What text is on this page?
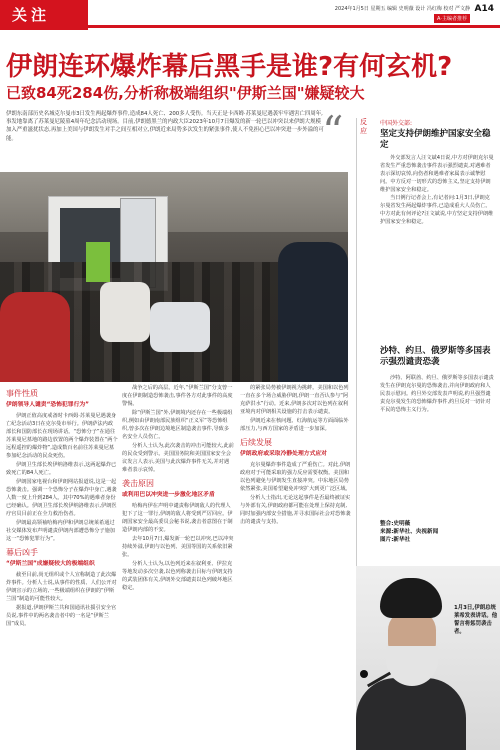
关注	2024年1月5日 星期五 编辑 史明薇 设计 冯红梅 校对 严文静
A·主编者推荐
A14
伊朗连环爆炸幕后黑手是谁?有何玄机?
已致84死284伤,分析称极端组织"伊斯兰国"嫌疑较大

伊朗东南部历史名城克尔曼市3日发生两起爆炸事件,造成84人死亡、200多人受伤。当天正是卡西姆·苏莱曼尼遇袭牢牢遇害亡四周年,事发地靠离了苏莱曼尼陵墓4周年纪念活动现场。目前,伊朗德黑兰的内政大臣2023年10月7日爆发的新一轮巴以冲突以来伊朗大规模加入严重滋扰状态,再加上美国与伊朗发生对手之间互相对立,伊朗近来局势多次发生的紧张事件,使人不免担心巴以冲突进一步外溢的可能。	“
事件性质
伊朗领导人谴责“恐怖犯罪行为”

伊朗正值高度戒备时卡西姆·苏莱曼尼遇袭身亡纪念活动3日在克尔曼市举行。伊朗萨法内政部长和国防部长在现场讲话。“恐怖分子”在通往苏莱曼尼墓地的路边放置的两个爆炸装置在“两个远程遥控的爆炸物”,造成数百名前往苏莱曼尼墓参加纪念活动的民众死伤。

伊朗卫生部长埃伊纳洛维表示,这两起爆炸已致死亡的84人死亡。

伊朗国家电视台和伊朗网站报道说,这是一起恐怖袭击。强调一个恐怖分子在爆炸中身亡,遇袭人数一度上升到284人。其中70%的遇难者身份已经确认。伊朗卫生部长埃伊纳洛维表示,伊朗医疗官员目前正在全力救治伤者。

伊朗最高领袖哈梅内伊和伊朗总统莱希通过社交媒体发布声明谴责伊朗内部遭恐怖分子施加这一“恐怖犯罪行为”。

幕后凶手
“伊斯兰国”成嫌疑较大的极端组织

截至目前,尚无组织或个人宣称制造了此次爆炸事件。分析人士说,从事件的性质、人们公开对伊朗宣示的立场的,一些极端组织在伊朗的“伊斯兰国”制造的可能性较大。

据报道,伊朗伊斯兰共和国通讯社援引安全官员说,事件中的两名袭击者中的一名是“伊斯兰国”成员。

战争之后的高层。近年,“伊斯兰国”分支曾一度在伊朗制造恐怖袭击,事件各方对此事件的高度警惕。

除“伊斯兰国”外,伊朗境内还存在一些极端组织,例如由伊朗南部民族组织“正义军”等恐怖组织,曾多次在伊朗边境地区制造袭击事件,导致多名安全人员伤亡。

分析人士认为,此次袭击的冲击可能较大,此前的民众受到警示。美国国务院和美国国家安全会议发言人表示,美国与此次爆炸事件无关,并对遇难者表示哀悼。

袭击原因
或利用巴以冲突进一步激化地区矛盾

哈梅内伊在声明中谴责称伊朗敌人的代理人犯下了这一罪行,伊朗的敌人将受到严厉回应。伊朗国家安全最高委员会秘书说,袭击者意图在于制造伊朗内部的不安。

去年10月7日,爆发新一轮巴以冲突,巴以冲突持续外溢,伊朗与以色列、美国等国的关系依旧紧张。

分析人士认为,以色列近来在叙利亚、伊拉克等地发动多次空袭,以色列称袭击目标与伊朗支持的武装团体有关,伊朗外交部谴责以色列破坏地区稳定。

的紧张局势被伊朗视为挑衅。美国和以色列一直在多个场合威胁伊朗,伊朗一直否认参与“阿克萨洪水”行动。近来,伊朗多次对以色列在叙利亚境内对伊朗相关设施的打击表示谴责。

伊朗近来在核问题、红海航运等方面面临外部压力,与西方国家的矛盾进一步加深。

后续发展
伊朗政府或采取冷静处理方式应对

克尔曼爆炸事件造成了严重伤亡。对此,伊朗政府对于可能采取的强力反应需要权衡。美国和以色列避免与伊朗发生直接冲突。中东地区局势依然紧张,美国希望避免冲突扩大到更广泛区域。

分析人士指出,无论这起事件是否最终被证实与外部有关,伊朗政府都可能在处理上保持克制,同时加强内部安全措施,并寻求国际社会对恐怖袭击的谴责与支持。

反应
中国外交部:
坚定支持伊朗维护国家安全稳定

外交部发言人汪文斌4日说,中方对伊朗克尔曼省发生严重恐怖袭击事件表示强烈谴责,对遇难者表示深切哀悼,向伤者和遇难者家属表示诚挚慰问。中方反对一切形式的恐怖主义,坚定支持伊朗维护国家安全和稳定。

当日例行记者会上,有记者问:1月3日,伊朗克尔曼省发生两起爆炸事件,已造成重大人员伤亡。中方对此有何评论?汪文斌说,中方坚定支持伊朗维护国家安全和稳定。

沙特、约旦、俄罗斯等多国表示强烈谴责恐袭

沙特、阿联酋、约旦、俄罗斯等多国表示谴责发生在伊朗克尔曼的恐怖袭击,并向伊朗政府和人民表示慰问。约旦外交部发表声明说,约旦强烈谴责克尔曼发生的恐怖爆炸事件,约旦反对一切针对平民的恐怖主义行为。

整合:史明薇
来源:新华社、央视新闻
图片:新华社
1月3日,伊朗总统莱希发表讲话。他誓言将惩罚袭击者。
